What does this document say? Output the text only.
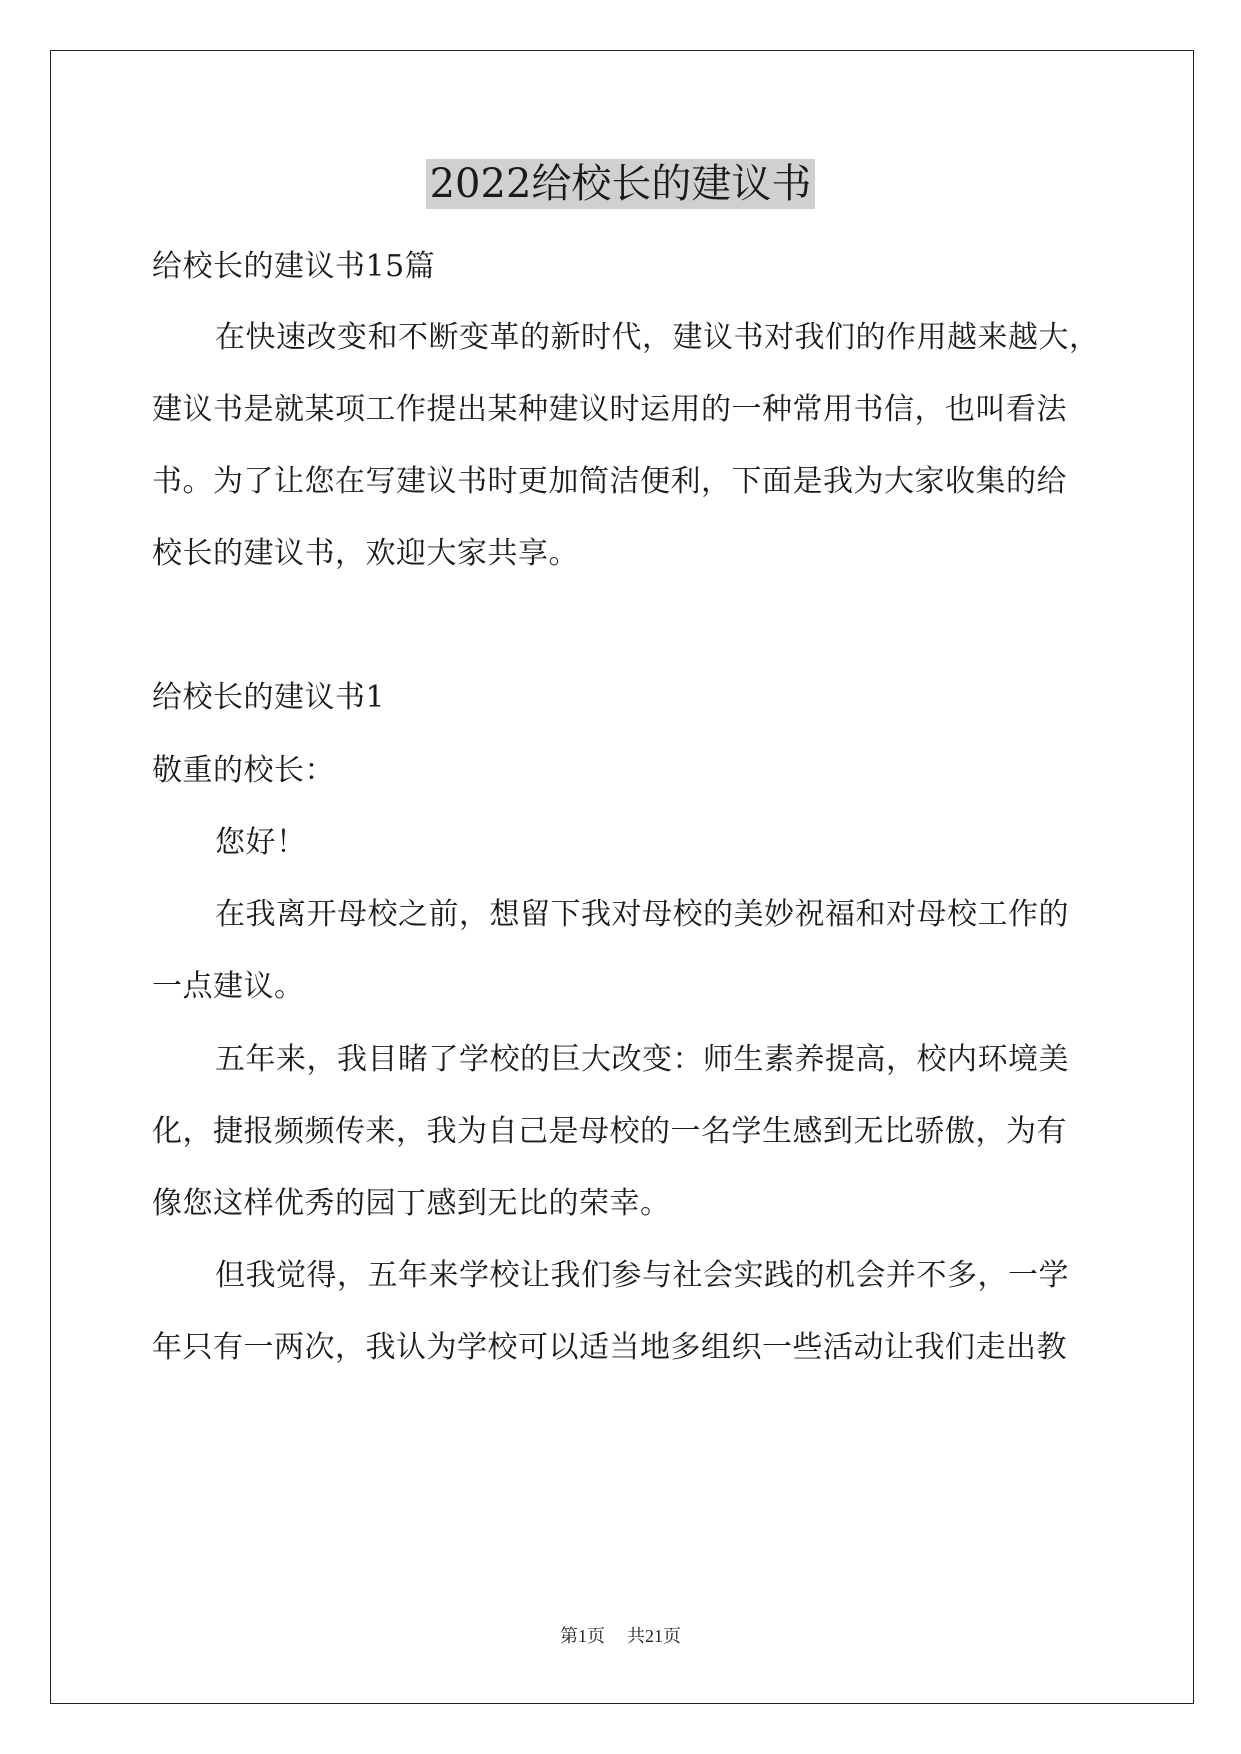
2022给校长的建议书
给校长的建议书15篇
在快速改变和不断变革的新时代，建议书对我们的作用越来越大，
建议书是就某项工作提出某种建议时运用的一种常用书信，也叫看法
书。为了让您在写建议书时更加简洁便利，下面是我为大家收集的给
校长的建议书，欢迎大家共享。
给校长的建议书1
敬重的校长：
您好！
在我离开母校之前，想留下我对母校的美妙祝福和对母校工作的
一点建议。
五年来，我目睹了学校的巨大改变：师生素养提高，校内环境美
化，捷报频频传来，我为自己是母校的一名学生感到无比骄傲，为有
像您这样优秀的园丁感到无比的荣幸。
但我觉得，五年来学校让我们参与社会实践的机会并不多，一学
年只有一两次，我认为学校可以适当地多组织一些活动让我们走出教
第1页 共21页
